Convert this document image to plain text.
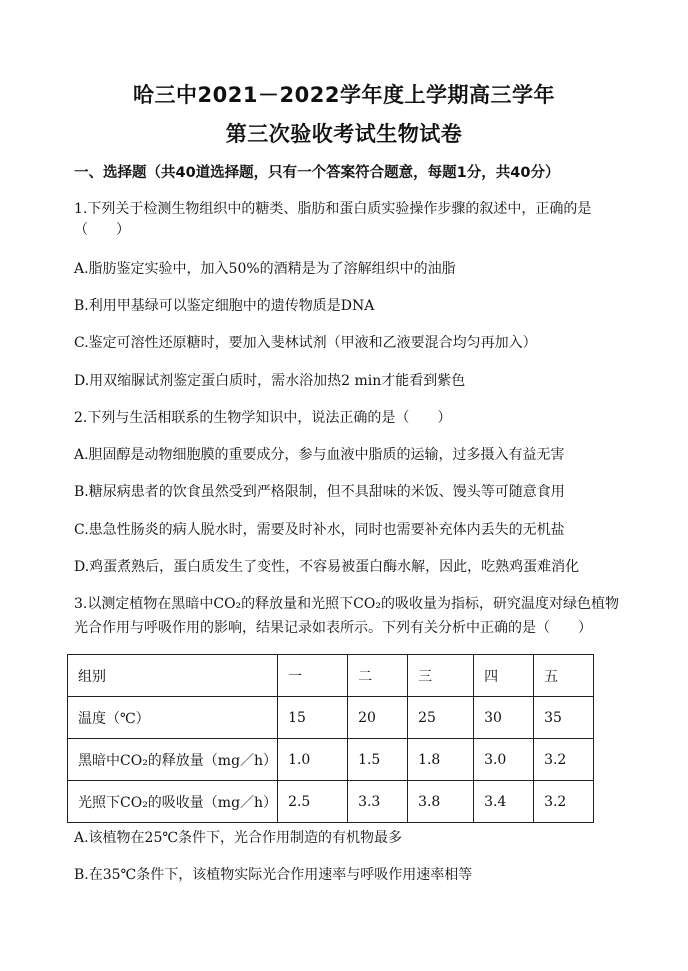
哈三中2021－2022学年度上学期高三学年
第三次验收考试生物试卷
一、选择题（共40道选择题，只有一个答案符合题意，每题1分，共40分）
1.下列关于检测生物组织中的糖类、脂肪和蛋白质实验操作步骤的叙述中，正确的是
（　　）
A.脂肪鉴定实验中，加入50%的酒精是为了溶解组织中的油脂
B.利用甲基绿可以鉴定细胞中的遗传物质是DNA
C.鉴定可溶性还原糖时，要加入斐林试剂（甲液和乙液要混合均匀再加入）
D.用双缩脲试剂鉴定蛋白质时，需水浴加热2 min才能看到紫色
2.下列与生活相联系的生物学知识中，说法正确的是（　　）
A.胆固醇是动物细胞膜的重要成分，参与血液中脂质的运输，过多摄入有益无害
B.糖尿病患者的饮食虽然受到严格限制，但不具甜味的米饭、馒头等可随意食用
C.患急性肠炎的病人脱水时，需要及时补水，同时也需要补充体内丢失的无机盐
D.鸡蛋煮熟后，蛋白质发生了变性，不容易被蛋白酶水解，因此，吃熟鸡蛋难消化
3.以测定植物在黑暗中CO₂的释放量和光照下CO₂的吸收量为指标，研究温度对绿色植物
光合作用与呼吸作用的影响，结果记录如表所示。下列有关分析中正确的是（　　）
组别	一	二	三	四	五
温度（℃）	15	20	25	30	35
黑暗中CO₂的释放量（mg／h）	1.0	1.5	1.8	3.0	3.2
光照下CO₂的吸收量（mg／h）	2.5	3.3	3.8	3.4	3.2
A.该植物在25℃条件下，光合作用制造的有机物最多
B.在35℃条件下，该植物实际光合作用速率与呼吸作用速率相等
